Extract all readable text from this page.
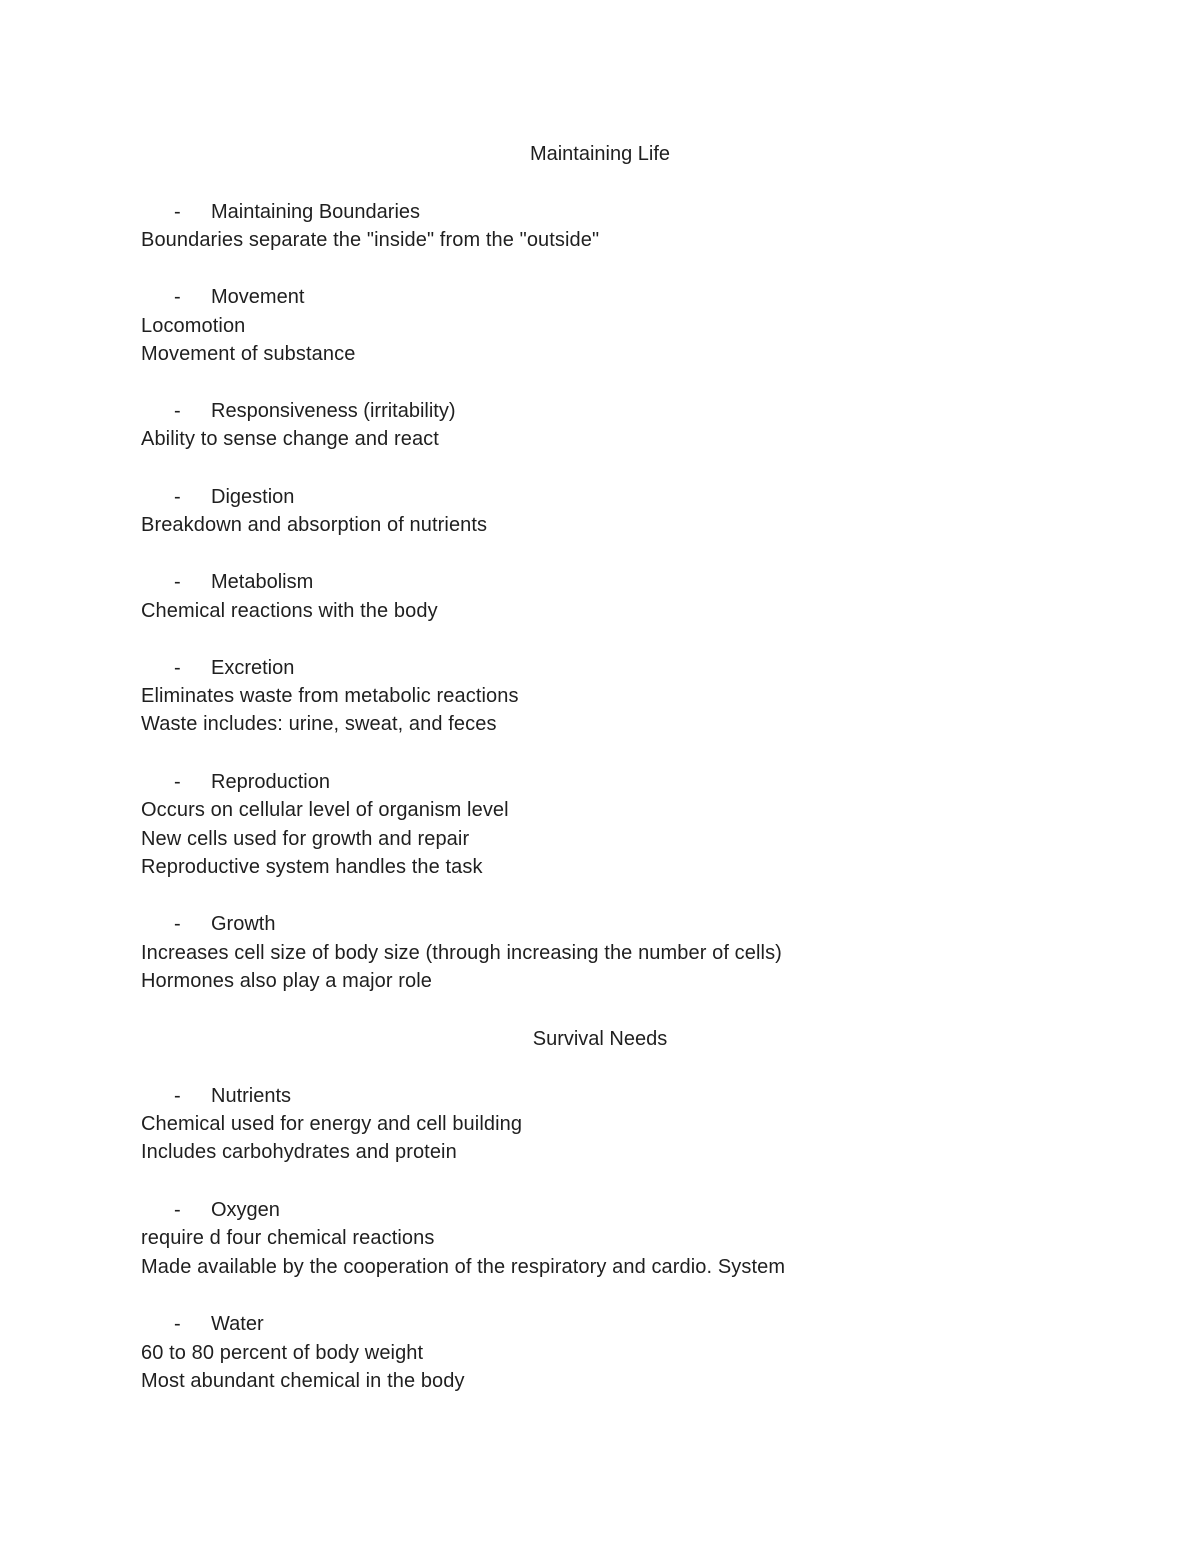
Maintaining Life
- Maintaining Boundaries
Boundaries separate the "inside" from the "outside"
- Movement
Locomotion
Movement of substance
- Responsiveness (irritability)
Ability to sense change and react
- Digestion
Breakdown and absorption of nutrients
- Metabolism
Chemical reactions with the body
- Excretion
Eliminates waste from metabolic reactions
Waste includes: urine, sweat, and feces
- Reproduction
Occurs on cellular level of organism level
New cells used for growth and repair
Reproductive system handles the task
- Growth
Increases cell size of body size (through increasing the number of cells)
Hormones also play a major role
Survival Needs
- Nutrients
Chemical used for energy and cell building
Includes carbohydrates and protein
- Oxygen
require d four chemical reactions
Made available by the cooperation of the respiratory and cardio. System
- Water
60 to 80 percent of body weight
Most abundant chemical in the body
